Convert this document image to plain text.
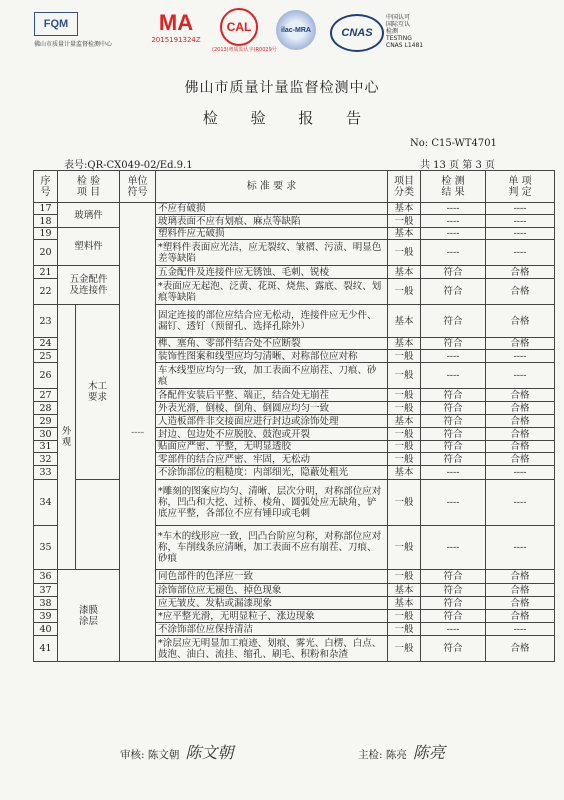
FQM
佛山市质量计量监督检测中心
MA
2015191324Z
CAL
(2013)粤质监认字(R0029号
ilac-MRA	CNAS
中国认可
国际互认
检测
TESTING
CNAS L1481
佛山市质量计量监督检测中心
检 验 报 告
No: C15-WT4701
表号:QR-CX049-02/Ed.9.1	共 13 页 第 3 页
序
号	检 验
项 目		单位
符号	标 准 要 求	项目
分类	检 测
结 果	单 项
判 定
17	玻璃件		----	不应有破损	基本	----	----
18				玻璃表面不应有划痕、麻点等缺陷	一般	----	----
19	塑料件			塑料件应无破损	基本	----	----
20				*塑料件表面应光洁，应无裂纹、皱褶、污渍、明显色差等缺陷	一般	----	----
21	五金配件
及连接件			五金配件及连接件应无锈蚀、毛刺、锐棱	基本	符合	合格
22				*表面应无起泡、泛黄、花斑、烧焦、露底、裂纹、划痕等缺陷	一般	符合	合格
23	外
观	木工
要求		固定连接的部位应结合应无松动，连接件应无少件、漏钉、透钉（预留孔、选择孔除外）	基本	符合	合格
24				榫、塞角、零部件结合处不应断裂	基本	符合	合格
25				装饰性图案和线型应均匀清晰、对称部位应对称	一般	----	----
26				车木线型应均匀一致，加工表面不应崩茬、刀痕、砂痕	一般	----	----
27				各配件安装后平整、端正，结合处无崩茬	一般	符合	合格
28				外表光滑，倒棱、倒角、倒圆应均匀一致	一般	符合	合格
29				人造板部件非交接面应进行封边或涂饰处理	基本	符合	合格
30				封边、包边处不应脱胶、鼓泡或开裂	一般	符合	合格
31				贴面应严密、平整，无明显透胶	一般	符合	合格
32				零部件的结合应严密、牢固，无松动	一般	符合	合格
33				不涂饰部位的粗糙度：内部细光，隐蔽处粗光	基本	----	----
34				*雕刻的图案应均匀、清晰、层次分明，对称部位应对称，凹凸和大挖、过桥、棱角、圆弧处应无缺角，铲底应平整，各部位不应有锤印或毛刺	一般	----	----
35				*车木的线形应一致，凹凸台阶应匀称，对称部位应对称，车削线条应清晰，加工表面不应有崩茬、刀痕、砂痕	一般	----	----
36	漆膜
涂层			同色部件的色泽应一致	一般	符合	合格
37				涂饰部位应无褪色、掉色现象	基本	符合	合格
38				应无皱皮、发粘或漏漆现象	基本	符合	合格
39				*应平整光滑，无明显粒子、涨边现象	一般	符合	合格
40				不涂饰部位应保持清洁	一般	----	----
41				*涂层应无明显加工痕迹、划痕、雾光、白楞、白点、鼓泡、油白、流挂、缩孔、刷毛、积粉和杂渣	一般	符合	合格
审核: 陈文朝 陈文朝	主检: 陈亮 陈亮
